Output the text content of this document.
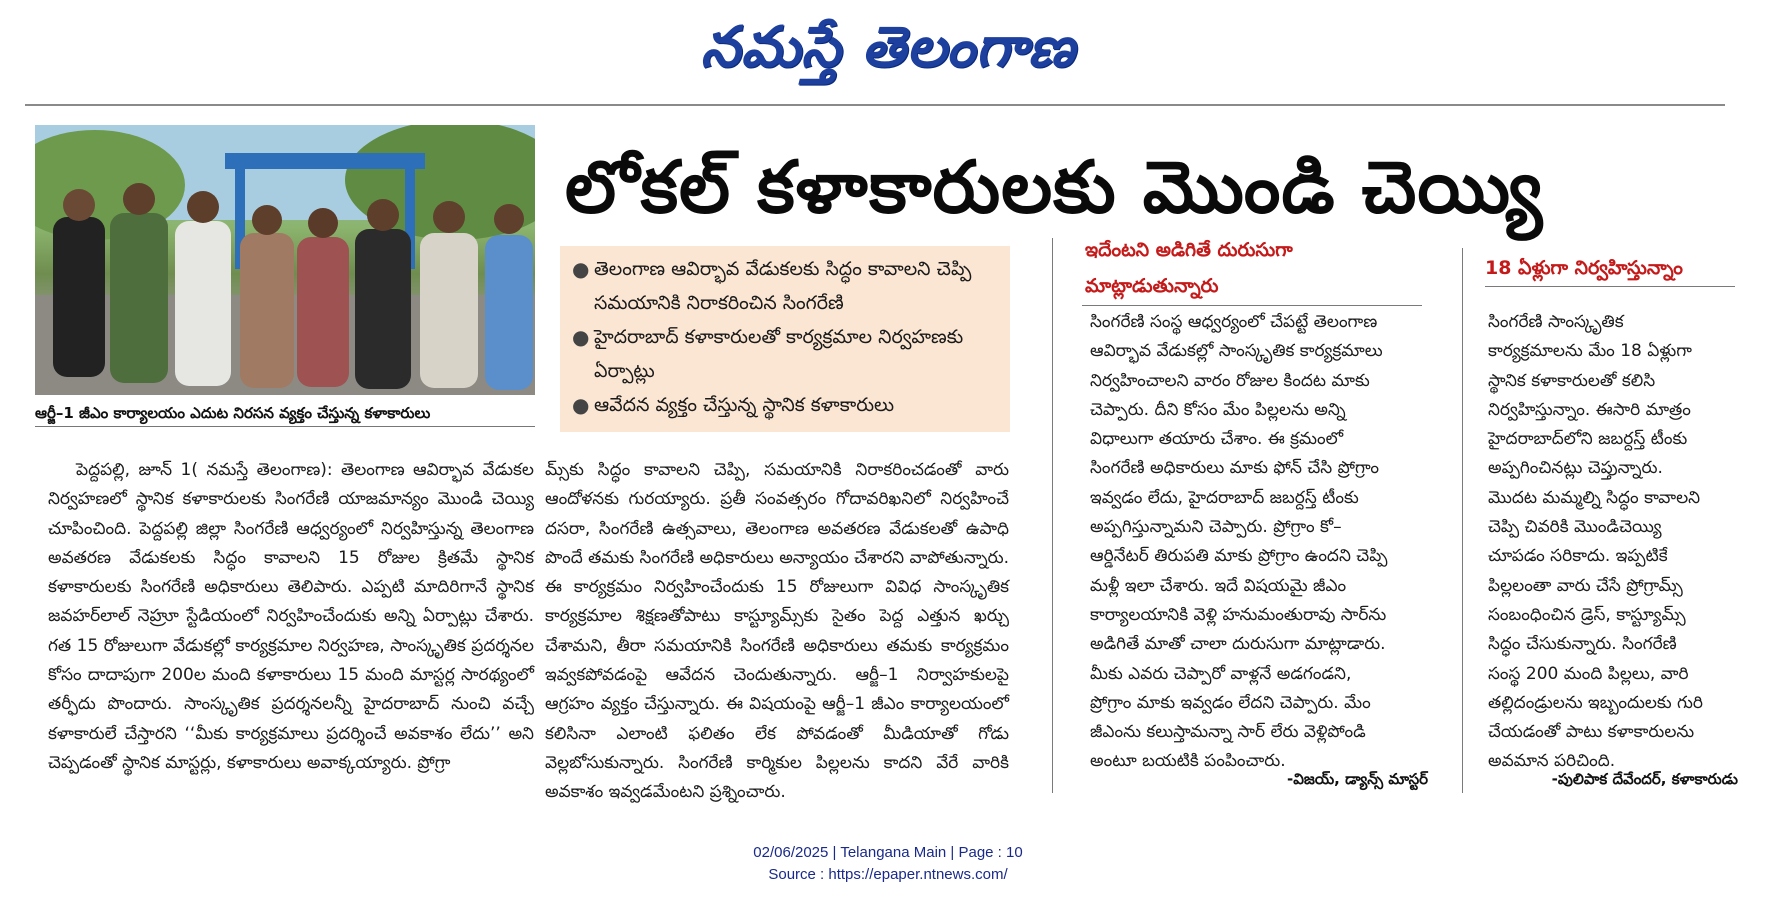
నమస్తే తెలంగాణ
ఆర్జీ–1 జీఎం కార్యాలయం ఎదుట నిరసన వ్యక్తం చేస్తున్న కళాకారులు
లోకల్ కళాకారులకు మొండి చెయ్యి
● తెలంగాణ ఆవిర్భావ వేడుకలకు సిద్ధం కావాలని చెప్పి సమయానికి నిరాకరించిన సింగరేణి
● హైదరాబాద్ కళాకారులతో కార్యక్రమాల నిర్వహణకు ఏర్పాట్లు
● ఆవేదన వ్యక్తం చేస్తున్న స్థానిక కళాకారులు

పెద్దపల్లి, జూన్ 1( నమస్తే తెలంగాణ): తెలంగాణ ఆవిర్భావ వేడుకల నిర్వహణలో స్థానిక కళాకారులకు సింగరేణి యాజమాన్యం మొండి చెయ్యి చూపించింది. పెద్దపల్లి జిల్లా సింగరేణి ఆధ్వర్యంలో నిర్వహిస్తున్న తెలంగాణ అవతరణ వేడుకలకు సిద్ధం కావాలని 15 రోజుల క్రితమే స్థానిక కళాకారులకు సింగరేణి అధికారులు తెలిపారు. ఎప్పటి మాదిరిగానే స్థానిక జవహర్‌లాల్ నెహ్రూ స్టేడియంలో నిర్వహించేందుకు అన్ని ఏర్పాట్లు చేశారు. గత 15 రోజులుగా వేడుకల్లో కార్యక్రమాల నిర్వహణ, సాంస్కృతిక ప్రదర్శనల కోసం దాదాపుగా 200ల మంది కళాకారులు 15 మంది మాస్టర్ల సారథ్యంలో తర్ఫీదు పొందారు. సాంస్కృతిక ప్రదర్శనలన్నీ హైదరాబాద్ నుంచి వచ్చే కళాకారులే చేస్తారని ‘‘మీకు కార్యక్రమాలు ప్రదర్శించే అవకాశం లేదు’’ అని చెప్పడంతో స్థానిక మాస్టర్లు, కళాకారులు అవాక్కయ్యారు. ప్రోగ్రా

మ్స్‌కు సిద్ధం కావాలని చెప్పి, సమయానికి నిరాకరించడంతో వారు ఆందోళనకు గురయ్యారు. ప్రతీ సంవత్సరం గోదావరిఖనిలో నిర్వహించే దసరా, సింగరేణి ఉత్సవాలు, తెలంగాణ అవతరణ వేడుకలతో ఉపాధి పొందే తమకు సింగరేణి అధికారులు అన్యాయం చేశారని వాపోతున్నారు. ఈ కార్యక్రమం నిర్వహించేందుకు 15 రోజులుగా వివిధ సాంస్కృతిక కార్యక్రమాల శిక్షణతోపాటు కాస్ట్యూమ్స్‌కు సైతం పెద్ద ఎత్తున ఖర్చు చేశామని, తీరా సమయానికి సింగరేణి అధికారులు తమకు కార్యక్రమం ఇవ్వకపోవడంపై ఆవేదన చెందుతున్నారు. ఆర్జీ–1 నిర్వాహకులపై ఆగ్రహం వ్యక్తం చేస్తున్నారు. ఈ విషయంపై ఆర్జీ–1 జీఎం కార్యాలయంలో కలిసినా ఎలాంటి ఫలితం లేక పోవడంతో మీడియాతో గోడు వెల్లబోసుకున్నారు. సింగరేణి కార్మికుల పిల్లలను కాదని వేరే వారికి అవకాశం ఇవ్వడమేంటని ప్రశ్నించారు.

ఇదేంటని అడిగితే దురుసుగా మాట్లాడుతున్నారు
సింగరేణి సంస్థ ఆధ్వర్యంలో చేపట్టే తెలంగాణ
ఆవిర్భావ వేడుకల్లో సాంస్కృతిక కార్యక్రమాలు
నిర్వహించాలని వారం రోజుల కిందట మాకు
చెప్పారు. దీని కోసం మేం పిల్లలను అన్ని
విధాలుగా తయారు చేశాం. ఈ క్రమంలో
సింగరేణి అధికారులు మాకు ఫోన్ చేసి ప్రోగ్రాం
ఇవ్వడం లేదు, హైదరాబాద్ జబర్దస్త్ టీంకు
అప్పగిస్తున్నామని చెప్పారు. ప్రోగ్రాం కో–
ఆర్డినేటర్ తిరుపతి మాకు ప్రోగ్రాం ఉందని చెప్పి
మళ్లీ ఇలా చేశారు. ఇదే విషయమై జీఎం
కార్యాలయానికి వెళ్లి హనుమంతురావు సార్‌ను
అడిగితే మాతో చాలా దురుసుగా మాట్లాడారు.
మీకు ఎవరు చెప్పారో వాళ్లనే అడగండని,
ప్రోగ్రాం మాకు ఇవ్వడం లేదని చెప్పారు. మేం
జీఎంను కలుస్తామన్నా సార్ లేరు వెళ్లిపోండి
అంటూ బయటికి పంపించారు.
-విజయ్, డ్యాన్స్ మాస్టర్
18 ఏళ్లుగా నిర్వహిస్తున్నాం
సింగరేణి సాంస్కృతిక
కార్యక్రమాలను మేం 18 ఏళ్లుగా
స్థానిక కళాకారులతో కలిసి
నిర్వహిస్తున్నాం. ఈసారి మాత్రం
హైదరాబాద్‌లోని జబర్దస్త్ టీంకు
అప్పగించినట్లు చెప్తున్నారు.
మొదట మమ్మల్ని సిద్ధం కావాలని
చెప్పి చివరికి మొండిచెయ్యి
చూపడం సరికాదు. ఇప్పటికే
పిల్లలంతా వారు చేసే ప్రోగ్రామ్స్
సంబంధించిన డ్రెస్, కాస్ట్యూమ్స్
సిద్ధం చేసుకున్నారు. సింగరేణి
సంస్థ 200 మంది పిల్లలు, వారి
తల్లిదండ్రులను ఇబ్బందులకు గురి
చేయడంతో పాటు కళాకారులను
అవమాన పరిచింది.
-పులిపాక దేవేందర్, కళాకారుడు
02/06/2025 | Telangana Main | Page : 10
Source : https://epaper.ntnews.com/
